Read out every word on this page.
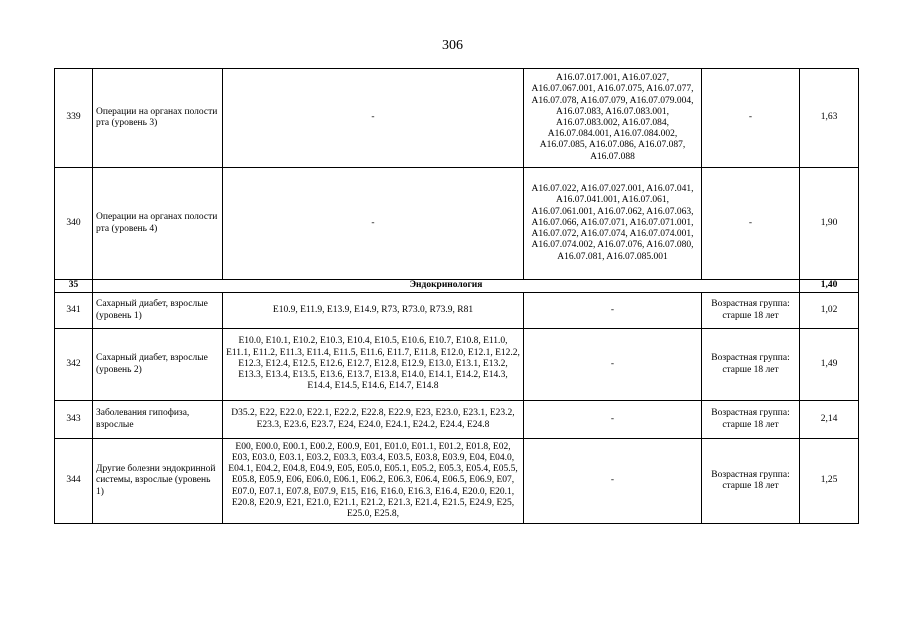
306
339	Операции на органах полости рта (уровень 3)	-	A16.07.017.001, A16.07.027, A16.07.067.001, A16.07.075, A16.07.077, A16.07.078, A16.07.079, A16.07.079.004, A16.07.083, A16.07.083.001, A16.07.083.002, A16.07.084, A16.07.084.001, A16.07.084.002, A16.07.085, A16.07.086, A16.07.087, A16.07.088	-	1,63
340	Операции на органах полости рта (уровень 4)	-	A16.07.022, A16.07.027.001, A16.07.041, A16.07.041.001, A16.07.061, A16.07.061.001, A16.07.062, A16.07.063, A16.07.066, A16.07.071, A16.07.071.001, A16.07.072, A16.07.074, A16.07.074.001, A16.07.074.002, A16.07.076, A16.07.080, A16.07.081, A16.07.085.001	-	1,90
35	Эндокринология				1,40
341	Сахарный диабет, взрослые (уровень 1)	E10.9, E11.9, E13.9, E14.9, R73, R73.0, R73.9, R81	-	Возрастная группа: старше 18 лет	1,02
342	Сахарный диабет, взрослые (уровень 2)	E10.0, E10.1, E10.2, E10.3, E10.4, E10.5, E10.6, E10.7, E10.8, E11.0, E11.1, E11.2, E11.3, E11.4, E11.5, E11.6, E11.7, E11.8, E12.0, E12.1, E12.2, E12.3, E12.4, E12.5, E12.6, E12.7, E12.8, E12.9, E13.0, E13.1, E13.2, E13.3, E13.4, E13.5, E13.6, E13.7, E13.8, E14.0, E14.1, E14.2, E14.3, E14.4, E14.5, E14.6, E14.7, E14.8	-	Возрастная группа: старше 18 лет	1,49
343	Заболевания гипофиза, взрослые	D35.2, E22, E22.0, E22.1, E22.2, E22.8, E22.9, E23, E23.0, E23.1, E23.2, E23.3, E23.6, E23.7, E24, E24.0, E24.1, E24.2, E24.4, E24.8	-	Возрастная группа: старше 18 лет	2,14
344	Другие болезни эндокринной системы, взрослые (уровень 1)	E00, E00.0, E00.1, E00.2, E00.9, E01, E01.0, E01.1, E01.2, E01.8, E02, E03, E03.0, E03.1, E03.2, E03.3, E03.4, E03.5, E03.8, E03.9, E04, E04.0, E04.1, E04.2, E04.8, E04.9, E05, E05.0, E05.1, E05.2, E05.3, E05.4, E05.5, E05.8, E05.9, E06, E06.0, E06.1, E06.2, E06.3, E06.4, E06.5, E06.9, E07, E07.0, E07.1, E07.8, E07.9, E15, E16, E16.0, E16.3, E16.4, E20.0, E20.1, E20.8, E20.9, E21, E21.0, E21.1, E21.2, E21.3, E21.4, E21.5, E24.9, E25, E25.0, E25.8,	-	Возрастная группа: старше 18 лет	1,25
